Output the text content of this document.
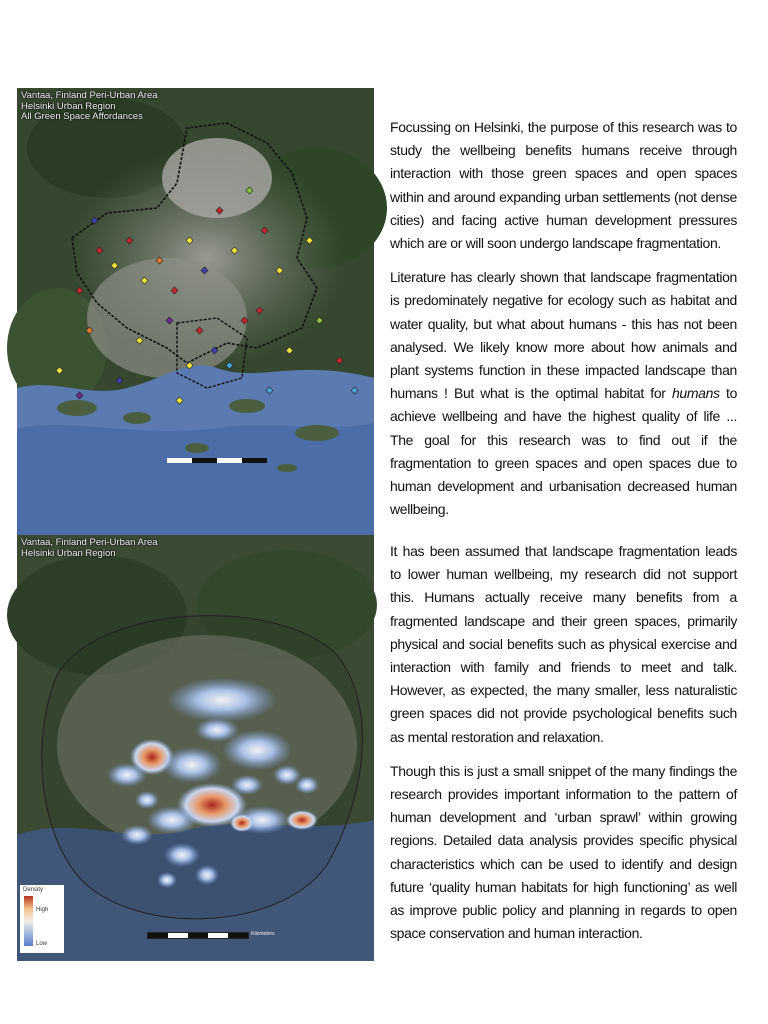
Vantaa, Finland Peri-Urban Area
Helsinki Urban Region
All Green Space Affordances
Vantaa, Finland Peri-Urban Area
Helsinki Urban Region
Density
High
Low
Kilometers

Focussing on Helsinki, the purpose of this research was to study the wellbeing benefits humans receive through interaction with those green spaces and open spaces within and around expanding urban settlements (not dense cities) and facing active human development pressures which are or will soon undergo landscape fragmentation.

Literature has clearly shown that landscape fragmentation is predominately negative for ecology such as habitat and water quality, but what about humans - this has not been analysed. We likely know more about how animals and plant systems function in these impacted landscape than humans ! But what is the optimal habitat for humans to achieve wellbeing and have the highest quality of life ... The goal for this research was to find out if the fragmentation to green spaces and open spaces due to human development and urbanisation decreased human wellbeing.

It has been assumed that landscape fragmentation leads to lower human wellbeing, my research did not support this. Humans actually receive many benefits from a fragmented landscape and their green spaces, primarily physical and social benefits such as physical exercise and interaction with family and friends to meet and talk. However, as expected, the many smaller, less naturalistic green spaces did not provide psychological benefits such as mental restoration and relaxation.

Though this is just a small snippet of the many findings the research provides important information to the pattern of human development and ‘urban sprawl’ within growing regions. Detailed data analysis provides specific physical characteristics which can be used to identify and design future ‘quality human habitats for high functioning’ as well as improve public policy and planning in regards to open space conservation and human interaction.
